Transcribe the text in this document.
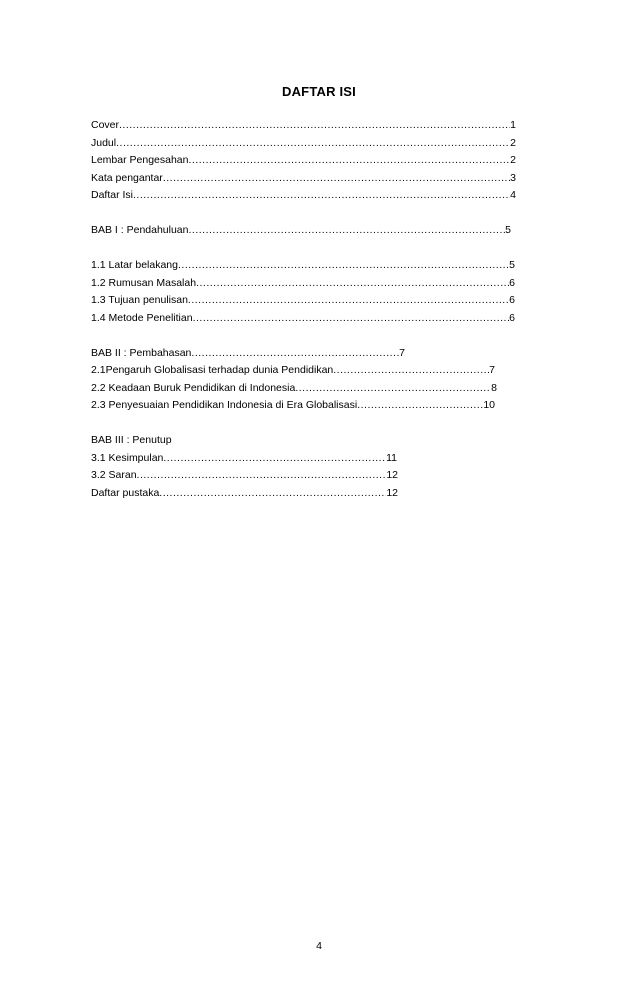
DAFTAR ISI
Cover .....	1
Judul .....	2
Lembar Pengesahan .....	2
Kata pengantar .....	3
Daftar Isi .....	4
BAB I : Pendahuluan .....	5
1.1 Latar belakang .....	5
1.2 Rumusan Masalah .....	6
1.3 Tujuan penulisan .....	6
1.4 Metode Penelitian .....	6
BAB II : Pembahasan .....	7
2.1Pengaruh Globalisasi terhadap dunia Pendidikan .....	7
2.2 Keadaan Buruk Pendidikan di Indonesia .....	8
2.3 Penyesuaian Pendidikan Indonesia di Era Globalisasi .....	10
BAB III : Penutup
3.1 Kesimpulan .....	11
3.2 Saran .....	12
Daftar pustaka .....	12
4
